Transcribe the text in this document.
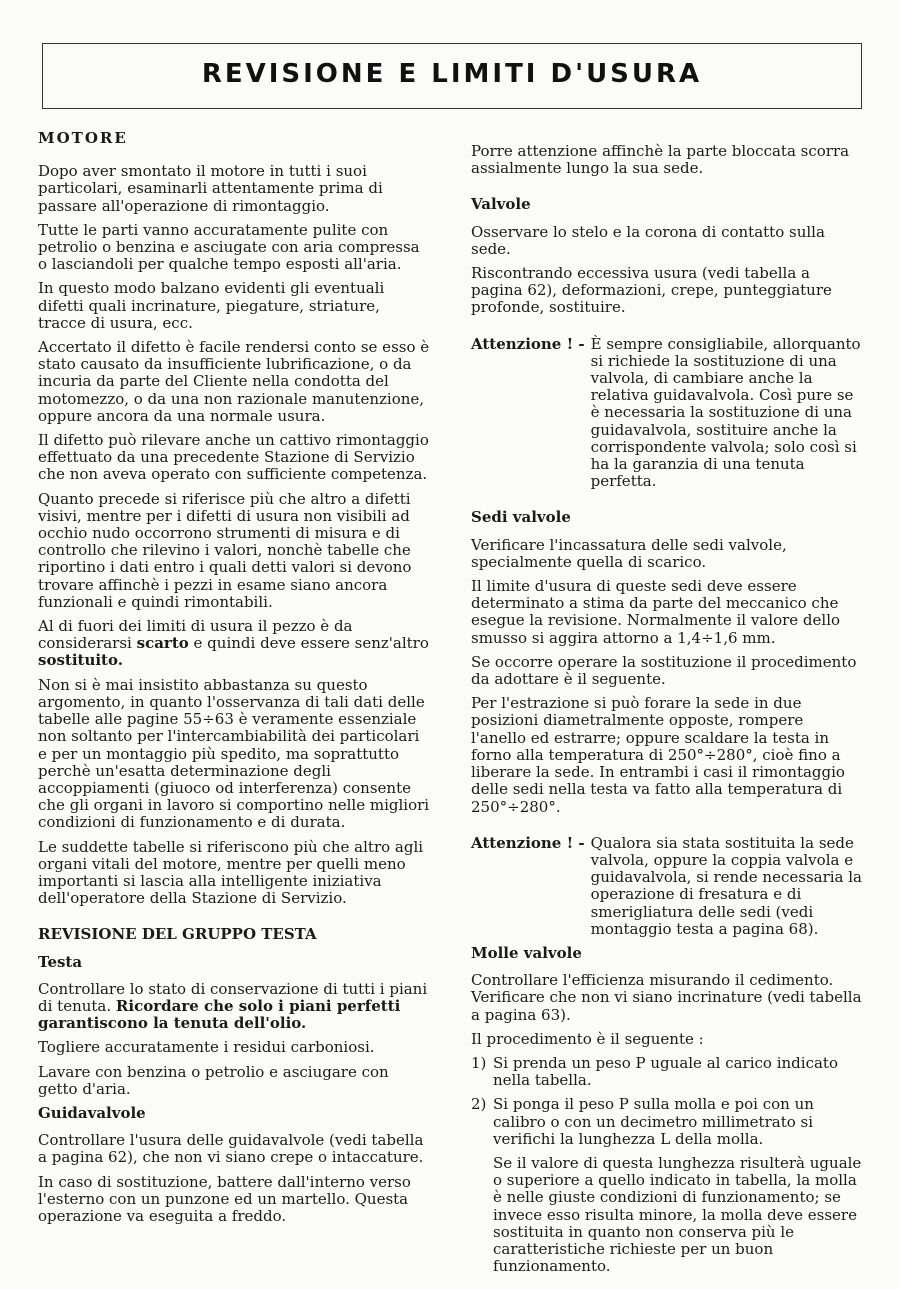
REVISIONE E LIMITI D'USURA
MOTORE

Dopo aver smontato il motore in tutti i suoi particolari, esaminarli attentamente prima di passare all'operazione di rimontaggio.

Tutte le parti vanno accuratamente pulite con petrolio o benzina e asciugate con aria compressa o lasciandoli per qualche tempo esposti all'aria.

In questo modo balzano evidenti gli eventuali difetti quali incrinature, piegature, striature, tracce di usura, ecc.

Accertato il difetto è facile rendersi conto se esso è stato causato da insufficiente lubrificazione, o da incuria da parte del Cliente nella condotta del motomezzo, o da una non razionale manutenzione, oppure ancora da una normale usura.

Il difetto può rilevare anche un cattivo rimontaggio effettuato da una precedente Stazione di Servizio che non aveva operato con sufficiente competenza.

Quanto precede si riferisce più che altro a difetti visivi, mentre per i difetti di usura non visibili ad occhio nudo occorrono strumenti di misura e di controllo che rilevino i valori, nonchè tabelle che riportino i dati entro i quali detti valori si devono trovare affinchè i pezzi in esame siano ancora funzionali e quindi rimontabili.

Al di fuori dei limiti di usura il pezzo è da considerarsi scarto e quindi deve essere senz'altro sostituito.

Non si è mai insistito abbastanza su questo argomento, in quanto l'osservanza di tali dati delle tabelle alle pagine 55÷63 è veramente essenziale non soltanto per l'intercambiabilità dei particolari e per un montaggio più spedito, ma soprattutto perchè un'esatta determinazione degli accoppiamenti (giuoco od interferenza) consente che gli organi in lavoro si comportino nelle migliori condizioni di funzionamento e di durata.

Le suddette tabelle si riferiscono più che altro agli organi vitali del motore, mentre per quelli meno importanti si lascia alla intelligente iniziativa dell'operatore della Stazione di Servizio.

REVISIONE DEL GRUPPO TESTA
Testa

Controllare lo stato di conservazione di tutti i piani di tenuta. Ricordare che solo i piani perfetti garantiscono la tenuta dell'olio.

Togliere accuratamente i residui carboniosi.

Lavare con benzina o petrolio e asciugare con getto d'aria.

Guidavalvole

Controllare l'usura delle guidavalvole (vedi tabella a pagina 62), che non vi siano crepe o intaccature.

In caso di sostituzione, battere dall'interno verso l'esterno con un punzone ed un martello. Questa operazione va eseguita a freddo.

Porre attenzione affinchè la parte bloccata scorra assialmente lungo la sua sede.

Valvole

Osservare lo stelo e la corona di contatto sulla sede.

Riscontrando eccessiva usura (vedi tabella a pagina 62), deformazioni, crepe, punteggiature profonde, sostituire.

Attenzione ! - È sempre consigliabile, allorquanto si richiede la sostituzione di una valvola, di cambiare anche la relativa guidavalvola. Così pure se è necessaria la sostituzione di una guidavalvola, sostituire anche la corrispondente valvola; solo così si ha la garanzia di una tenuta perfetta.
Sedi valvole

Verificare l'incassatura delle sedi valvole, specialmente quella di scarico.

Il limite d'usura di queste sedi deve essere determinato a stima da parte del meccanico che esegue la revisione. Normalmente il valore dello smusso si aggira attorno a 1,4÷1,6 mm.

Se occorre operare la sostituzione il procedimento da adottare è il seguente.

Per l'estrazione si può forare la sede in due posizioni diametralmente opposte, rompere l'anello ed estrarre; oppure scaldare la testa in forno alla temperatura di 250°÷280°, cioè fino a liberare la sede. In entrambi i casi il rimontaggio delle sedi nella testa va fatto alla temperatura di 250°÷280°.

Attenzione ! - Qualora sia stata sostituita la sede valvola, oppure la coppia valvola e guidavalvola, si rende necessaria la operazione di fresatura e di smerigliatura delle sedi (vedi montaggio testa a pagina 68).
Molle valvole

Controllare l'efficienza misurando il cedimento. Verificare che non vi siano incrinature (vedi tabella a pagina 63).

Il procedimento è il seguente :

1) Si prenda un peso P uguale al carico indicato nella tabella.
2) Si ponga il peso P sulla molla e poi con un calibro o con un decimetro millimetrato si verifichi la lunghezza L della molla.

Se il valore di questa lunghezza risulterà uguale o superiore a quello indicato in tabella, la molla è nelle giuste condizioni di funzionamento; se invece esso risulta minore, la molla deve essere sostituita in quanto non conserva più le caratteristiche richieste per un buon funzionamento.
